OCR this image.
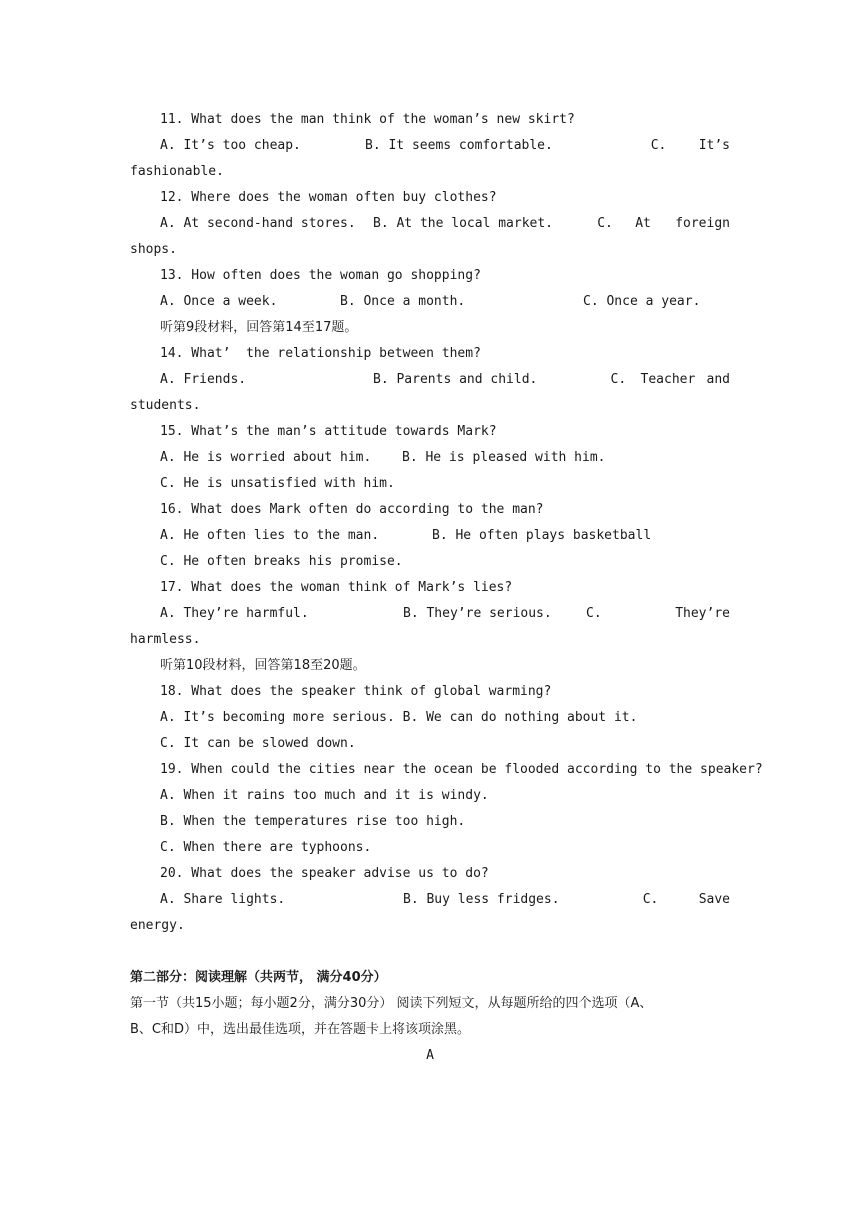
11. What does the man think of the woman’s new skirt?
A. It’s too cheap.	B. It seems comfortable.	C.	It’s
fashionable.
12. Where does the woman often buy clothes?
A. At second-hand stores.	B. At the local market.	C.	At	foreign
shops.
13. How often does the woman go shopping?
A. Once a week.	B. Once a month.	C. Once a year.
听第9段材料，回答第14至17题。
14. What’  the relationship between them?
A. Friends.	B. Parents and child.	C.	Teacher and
students.
15. What’s the man’s attitude towards Mark?
A. He is worried about him. B. He is pleased with him.
C. He is unsatisfied with him.
16. What does Mark often do according to the man?
A. He often lies to the man.	B. He often plays basketball
C. He often breaks his promise.
17. What does the woman think of Mark’s lies?
A. They’re harmful.	B. They’re serious.	C.	They’re
harmless.
听第10段材料，回答第18至20题。
18. What does the speaker think of global warming?
A. It’s becoming more serious. B. We can do nothing about it.
C. It can be slowed down.
19. When could the cities near the ocean be flooded according to the speaker?
A. When it rains too much and it is windy.
B. When the temperatures rise too high.
C. When there are typhoons.
20. What does the speaker advise us to do?
A. Share lights.	B. Buy less fridges.	C.	Save
energy.
第二部分：阅读理解（共两节， 满分40分）
第一节（共15小题；每小题2分，满分30分） 阅读下列短文，从每题所给的四个选项（A、
B、C和D）中，选出最佳选项，并在答题卡上将该项涂黑。
A
